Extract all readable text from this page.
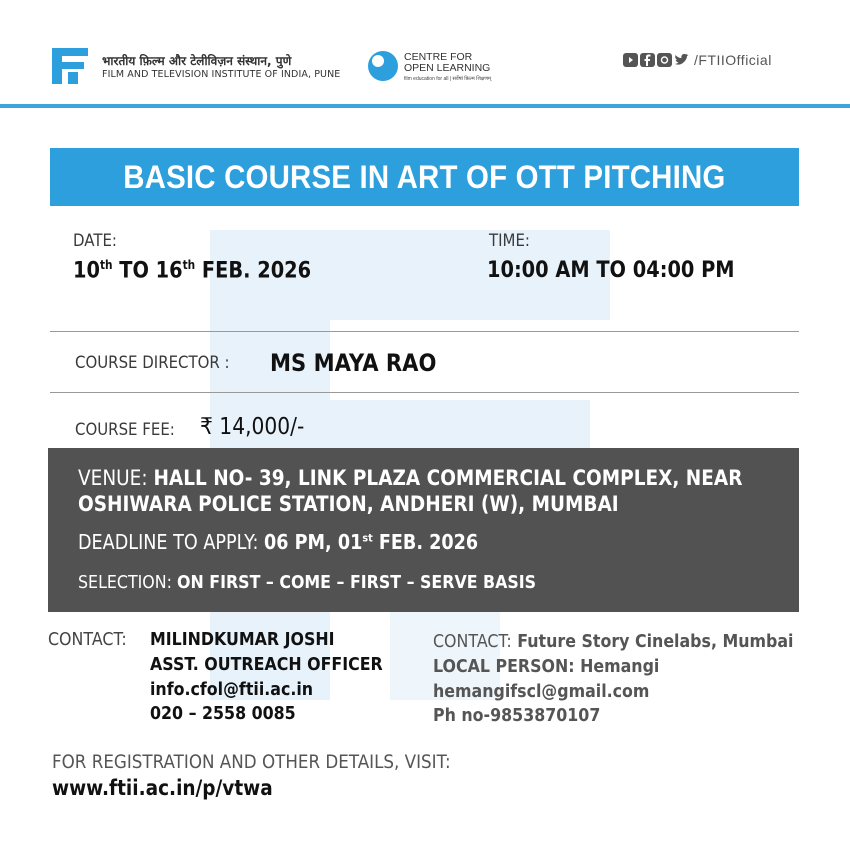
भारतीय फ़िल्म और टेलीविज़न संस्थान, पुणे
FILM AND TELEVISION INSTITUTE OF INDIA, PUNE
CENTRE FOR
OPEN LEARNING
film education for all | सर्वेषां फ़िल्म शिक्षणम्
/FTIIOfficial
BASIC COURSE IN ART OF OTT PITCHING
DATE:
10th TO 16th FEB. 2026
TIME:
10:00 AM TO 04:00 PM
COURSE DIRECTOR : MS MAYA RAO
COURSE FEE: ₹ 14,000/-
VENUE: HALL NO- 39, LINK PLAZA COMMERCIAL COMPLEX, NEAR
OSHIWARA POLICE STATION, ANDHERI (W), MUMBAI
DEADLINE TO APPLY: 06 PM, 01st FEB. 2026
SELECTION: ON FIRST – COME – FIRST – SERVE BASIS
CONTACT: MILINDKUMAR JOSHI
ASST. OUTREACH OFFICER
info.cfol@ftii.ac.in
020 – 2558 0085
CONTACT: Future Story Cinelabs, Mumbai
LOCAL PERSON: Hemangi
hemangifscl@gmail.com
Ph no-9853870107
FOR REGISTRATION AND OTHER DETAILS, VISIT:
www.ftii.ac.in/p/vtwa
